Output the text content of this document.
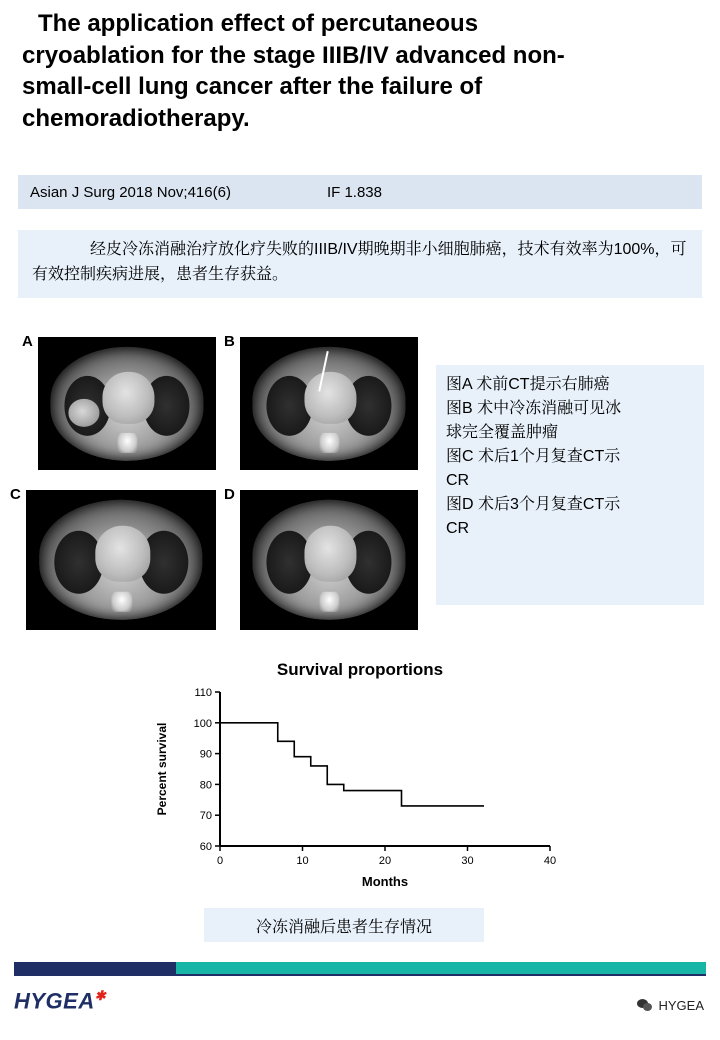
The application effect of percutaneous
cryoablation for the stage IIIB/IV advanced non-
small-cell lung cancer after the failure of
chemoradiotherapy.
Asian J Surg 2018 Nov;416(6)	IF 1.838
经皮冷冻消融治疗放化疗失败的IIIB/IV期晚期非小细胞肺癌，技术有效率为100%，可有效控制疾病进展，患者生存获益。
A	B
C	D
图A 术前CT提示右肺癌
图B 术中冷冻消融可见冰
球完全覆盖肿瘤
图C 术后1个月复查CT示
CR
图D 术后3个月复查CT示
CR
Survival proportions
60
70
80
90
100
110
0	10	20	30	40
Months
Percent survival
冷冻消融后患者生存情况
HYGEA✱
HYGEA
